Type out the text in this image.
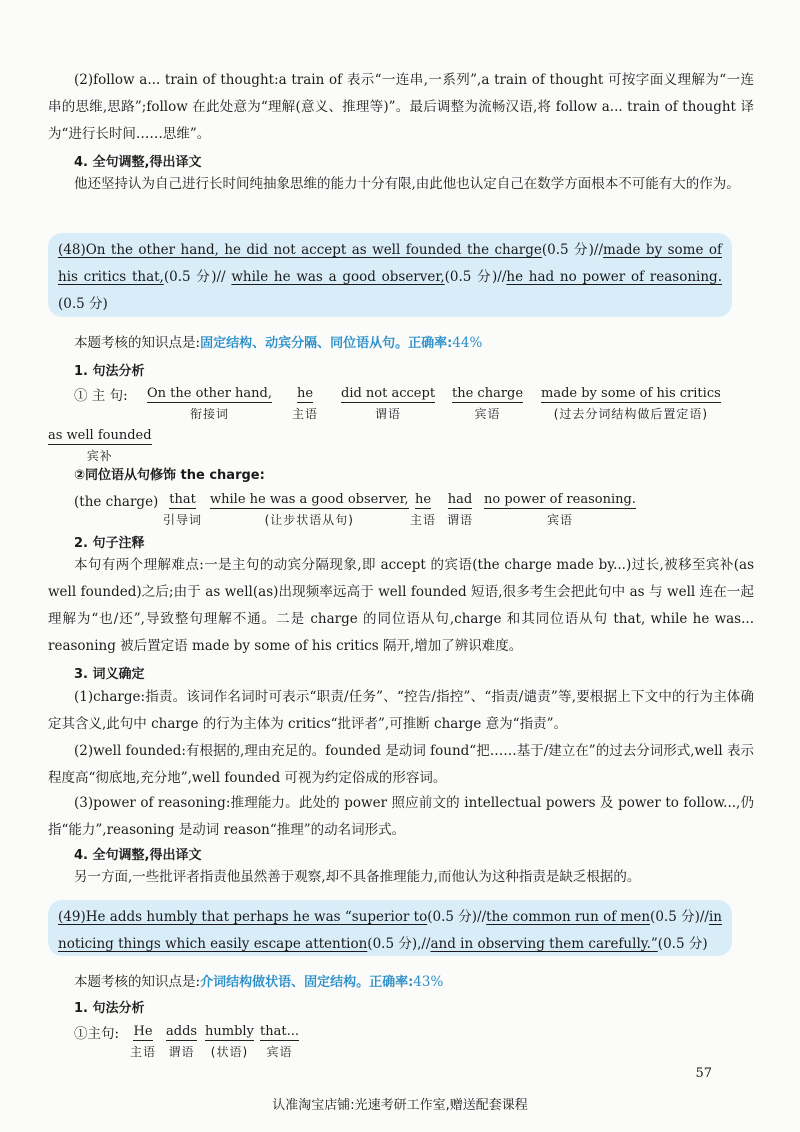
(2)follow a... train of thought:a train of 表示“一连串,一系列”,a train of thought 可按字面义理解为“一连串的思维,思路”;follow 在此处意为“理解(意义、推理等)”。最后调整为流畅汉语,将 follow a... train of thought 译为“进行长时间……思维”。
4. 全句调整,得出译文
他还坚持认为自己进行长时间纯抽象思维的能力十分有限,由此他也认定自己在数学方面根本不可能有大的作为。
(48)On the other hand, he did not accept as well founded the charge(0.5 分)//made by some of his critics that,(0.5 分)// while he was a good observer,(0.5 分)//he had no power of reasoning.(0.5 分)
本题考核的知识点是:固定结构、动宾分隔、同位语从句。正确率:44%
1. 句法分析
① 主 句: On the other hand,
衔接词
he
主语
did not accept
谓语
the charge
宾语
made by some of his critics
(过去分词结构做后置定语)
as well founded
宾补
②同位语从句修饰 the charge:
(the charge) that
引导词
while he was a good observer,
(让步状语从句)
he
主语
had
谓语
no power of reasoning.
宾语
2. 句子注释
本句有两个理解难点:一是主句的动宾分隔现象,即 accept 的宾语(the charge made by...)过长,被移至宾补(as well founded)之后;由于 as well(as)出现频率远高于 well founded 短语,很多考生会把此句中 as 与 well 连在一起理解为“也/还”,导致整句理解不通。二是 charge 的同位语从句,charge 和其同位语从句 that, while he was... reasoning 被后置定语 made by some of his critics 隔开,增加了辨识难度。
3. 词义确定
(1)charge:指责。该词作名词时可表示“职责/任务”、“控告/指控”、“指责/谴责”等,要根据上下文中的行为主体确定其含义,此句中 charge 的行为主体为 critics“批评者”,可推断 charge 意为“指责”。
(2)well founded:有根据的,理由充足的。founded 是动词 found“把……基于/建立在”的过去分词形式,well 表示程度高“彻底地,充分地”,well founded 可视为约定俗成的形容词。
(3)power of reasoning:推理能力。此处的 power 照应前文的 intellectual powers 及 power to follow...,仍指“能力”,reasoning 是动词 reason“推理”的动名词形式。
4. 全句调整,得出译文
另一方面,一些批评者指责他虽然善于观察,却不具备推理能力,而他认为这种指责是缺乏根据的。
(49)He adds humbly that perhaps he was “superior to(0.5 分)//the common run of men(0.5 分)//in noticing things which easily escape attention(0.5 分),//and in observing them carefully.”(0.5 分)
本题考核的知识点是:介词结构做状语、固定结构。正确率:43%
1. 句法分析
①主句: He
主语
adds
谓语
humbly
(状语)
that...
宾语
57
认准淘宝店铺:光速考研工作室,赠送配套课程
